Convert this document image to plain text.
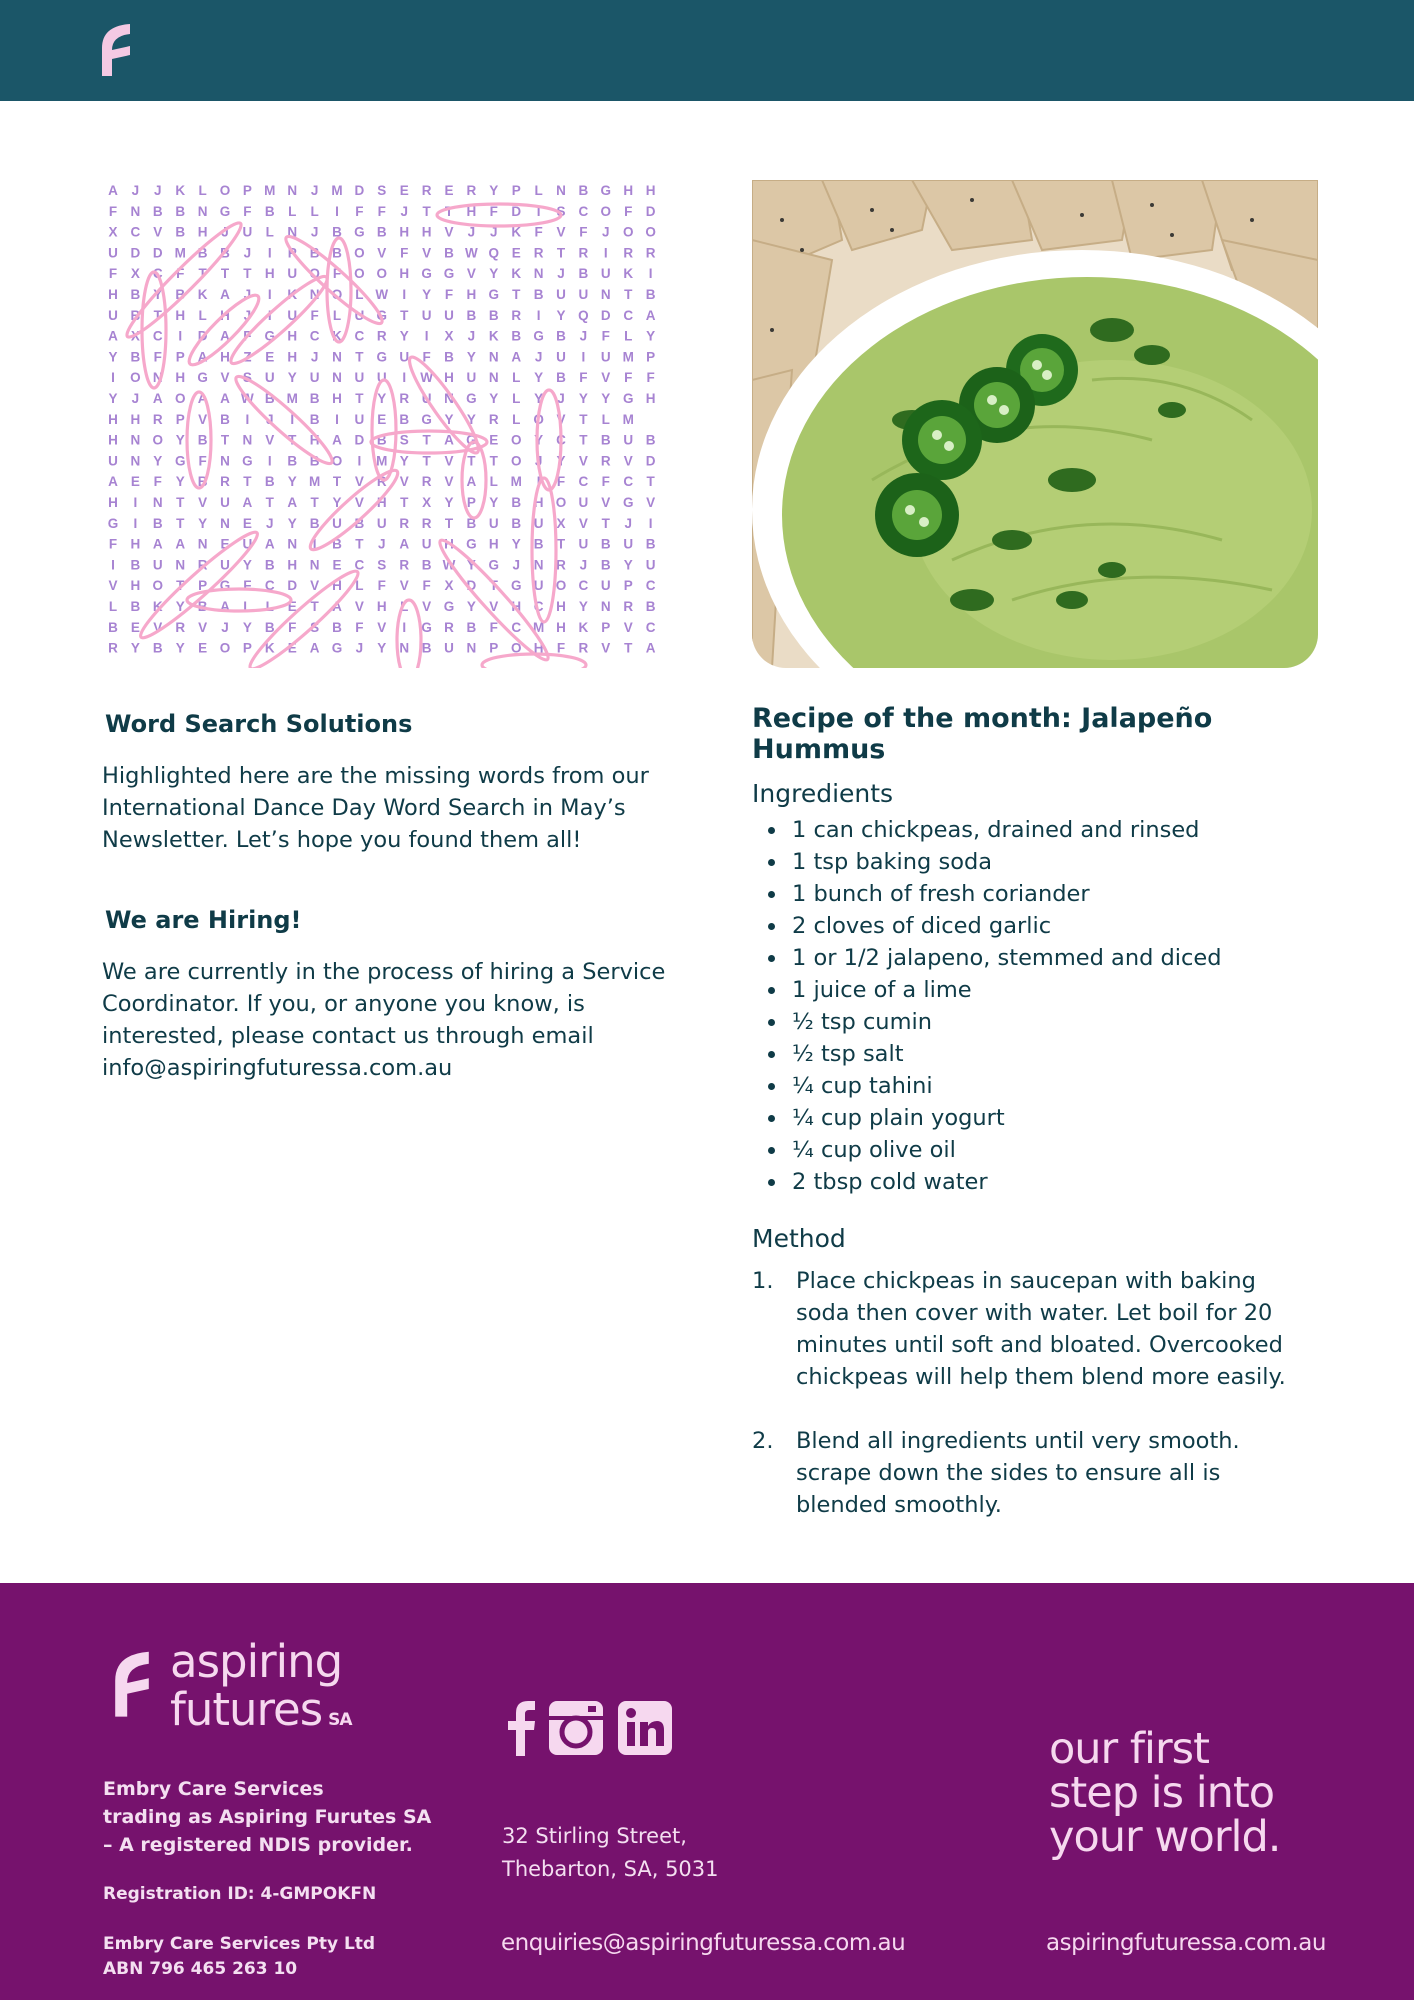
A J J K L O P M N J M D S E R E R Y P L N B G H H
F N B B N G F B L L I F F J T T H F D I S C O F D
X C V B H J U L N J B G B H H V J J K F V F J O O
U D D M B B J I P B B O V F V B W Q E R T R I R R
F X C F T T T H U O F O O H G G V Y K N J B U K I
H B Y B K A J I K N O L W I Y F H G T B U U N T B
U B T H L H J I U F L U G T U U B B R I Y Q D C A
A X C I D A F G H C K C R Y I X J K B G B J F L Y
Y B F P A H Z E H J N T G U F B Y N A J U I U M P
I O N H G V S U Y U N U U I W H U N L Y B F V F F
Y J A O A A W B M B H T Y R U N G Y L Y J Y Y G H
H H R P V B I J I B I U E B G Y Y R L O V T L M
H N O Y B T N V T H A D B S T A G E O Y C T B U B
U N Y G F N G I B B O I M Y T V T T O J Y V R V D
A E F Y B R T B Y M T V R V R V A L M I F C F C T
H I N T V U A T A T Y V H T X Y P Y B H O U V G V
G I B T Y N E J Y B U B U R R T B U B U X V T J I
F H A A N E U A N I B T J A U H G H Y B T U B U B
I B U N R U Y B H N E C S R B W Y G J N R J B Y U
V H O T P G F C D V H L F V F X D T G U O C U P C
L B K Y B A L L E T A V H L V G Y V H C H Y N R B
B E V R V J Y B F S B F V I G R B F C M H K P V C
R Y B Y E O P K E A G J Y N B U N P O H F R V T A
Word Search Solutions

Highlighted here are the missing words from our International Dance Day Word Search in May’s Newsletter. Let’s hope you found them all!

We are Hiring!

We are currently in the process of hiring a Service Coordinator. If you, or anyone you know, is interested, please contact us through email info@aspiringfuturessa.com.au

Recipe of the month: Jalapeño Hummus
Ingredients
1 can chickpeas, drained and rinsed
1 tsp baking soda
1 bunch of fresh coriander
2 cloves of diced garlic
1 or 1/2 jalapeno, stemmed and diced
1 juice of a lime
½ tsp cumin
½ tsp salt
¼ cup tahini
¼ cup plain yogurt
¼ cup olive oil
2 tbsp cold water
Method
1. Place chickpeas in saucepan with baking soda then cover with water. Let boil for 20 minutes until soft and bloated. Overcooked chickpeas will help them blend more easily.
2. Blend all ingredients until very smooth. scrape down the sides to ensure all is blended smoothly.
aspiring
futures SA
Embry Care Services
trading as Aspiring Furutes SA
– A registered NDIS provider.
Registration ID: 4-GMPOKFN
Embry Care Services Pty Ltd
ABN 796 465 263 10
32 Stirling Street,
Thebarton, SA, 5031
enquiries@aspiringfuturessa.com.au
our first
step is into
your world.
aspiringfuturessa.com.au
